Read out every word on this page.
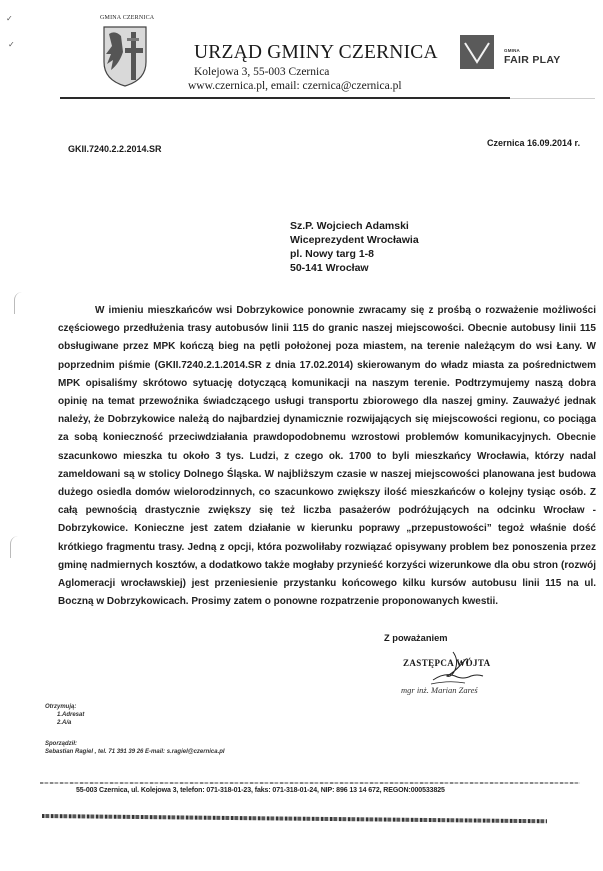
✓
✓
GMINA CZERNICA
URZĄD GMINY CZERNICA
Kolejowa 3, 55-003 Czernica
www.czernica.pl, email: czernica@czernica.pl
GMINA
FAIR PLAY
GKII.7240.2.2.2014.SR
Czernica 16.09.2014 r.
Sz.P. Wojciech Adamski
Wiceprezydent Wrocławia
pl. Nowy targ 1-8
50-141 Wrocław

W imieniu mieszkańców wsi Dobrzykowice ponownie zwracamy się z prośbą o rozważenie możliwości częściowego przedłużenia trasy autobusów linii 115 do granic naszej miejscowości. Obecnie autobusy linii 115 obsługiwane przez MPK kończą bieg na pętli położonej poza miastem, na terenie należącym do wsi Łany. W poprzednim piśmie (GKII.7240.2.1.2014.SR z dnia 17.02.2014) skierowanym do władz miasta za pośrednictwem MPK opisaliśmy skrótowo sytuację dotyczącą komunikacji na naszym terenie. Podtrzymujemy naszą dobra opinię na temat przewoźnika świadczącego usługi transportu zbiorowego dla naszej gminy. Zauważyć jednak należy, że Dobrzykowice należą do najbardziej dynamicznie rozwijających się miejscowości regionu, co pociąga za sobą konieczność przeciwdziałania prawdopodobnemu wzrostowi problemów komunikacyjnych. Obecnie szacunkowo mieszka tu około 3 tys. Ludzi, z czego ok. 1700 to byli mieszkańcy Wrocławia, którzy nadal zameldowani są w stolicy Dolnego Śląska. W najbliższym czasie w naszej miejscowości planowana jest budowa dużego osiedla domów wielorodzinnych, co szacunkowo zwiększy ilość mieszkańców o kolejny tysiąc osób. Z całą pewnością drastycznie zwiększy się też liczba pasażerów podróżujących na odcinku Wrocław - Dobrzykowice. Konieczne jest zatem działanie w kierunku poprawy „przepustowości” tegoż właśnie dość krótkiego fragmentu trasy. Jedną z opcji, która pozwoliłaby rozwiązać opisywany problem bez ponoszenia przez gminę nadmiernych kosztów, a dodatkowo także mogłaby przynieść korzyści wizerunkowe dla obu stron (rozwój Aglomeracji wrocławskiej) jest przeniesienie przystanku końcowego kilku kursów autobusu linii 115 na ul. Boczną w Dobrzykowicach. Prosimy zatem o ponowne rozpatrzenie proponowanych kwestii.

Z poważaniem
ZASTĘPCA WÓJTA
mgr inż. Marian Zareś
Otrzymują:
1.Adresat
2.A/a
Sporządził:
Sebastian Ragiel , tel. 71 391 39 26 E-mail: s.ragiel@czernica.pl
55-003 Czernica, ul. Kolejowa 3, telefon: 071-318-01-23, faks: 071-318-01-24, NIP: 896 13 14 672, REGON:000533825
